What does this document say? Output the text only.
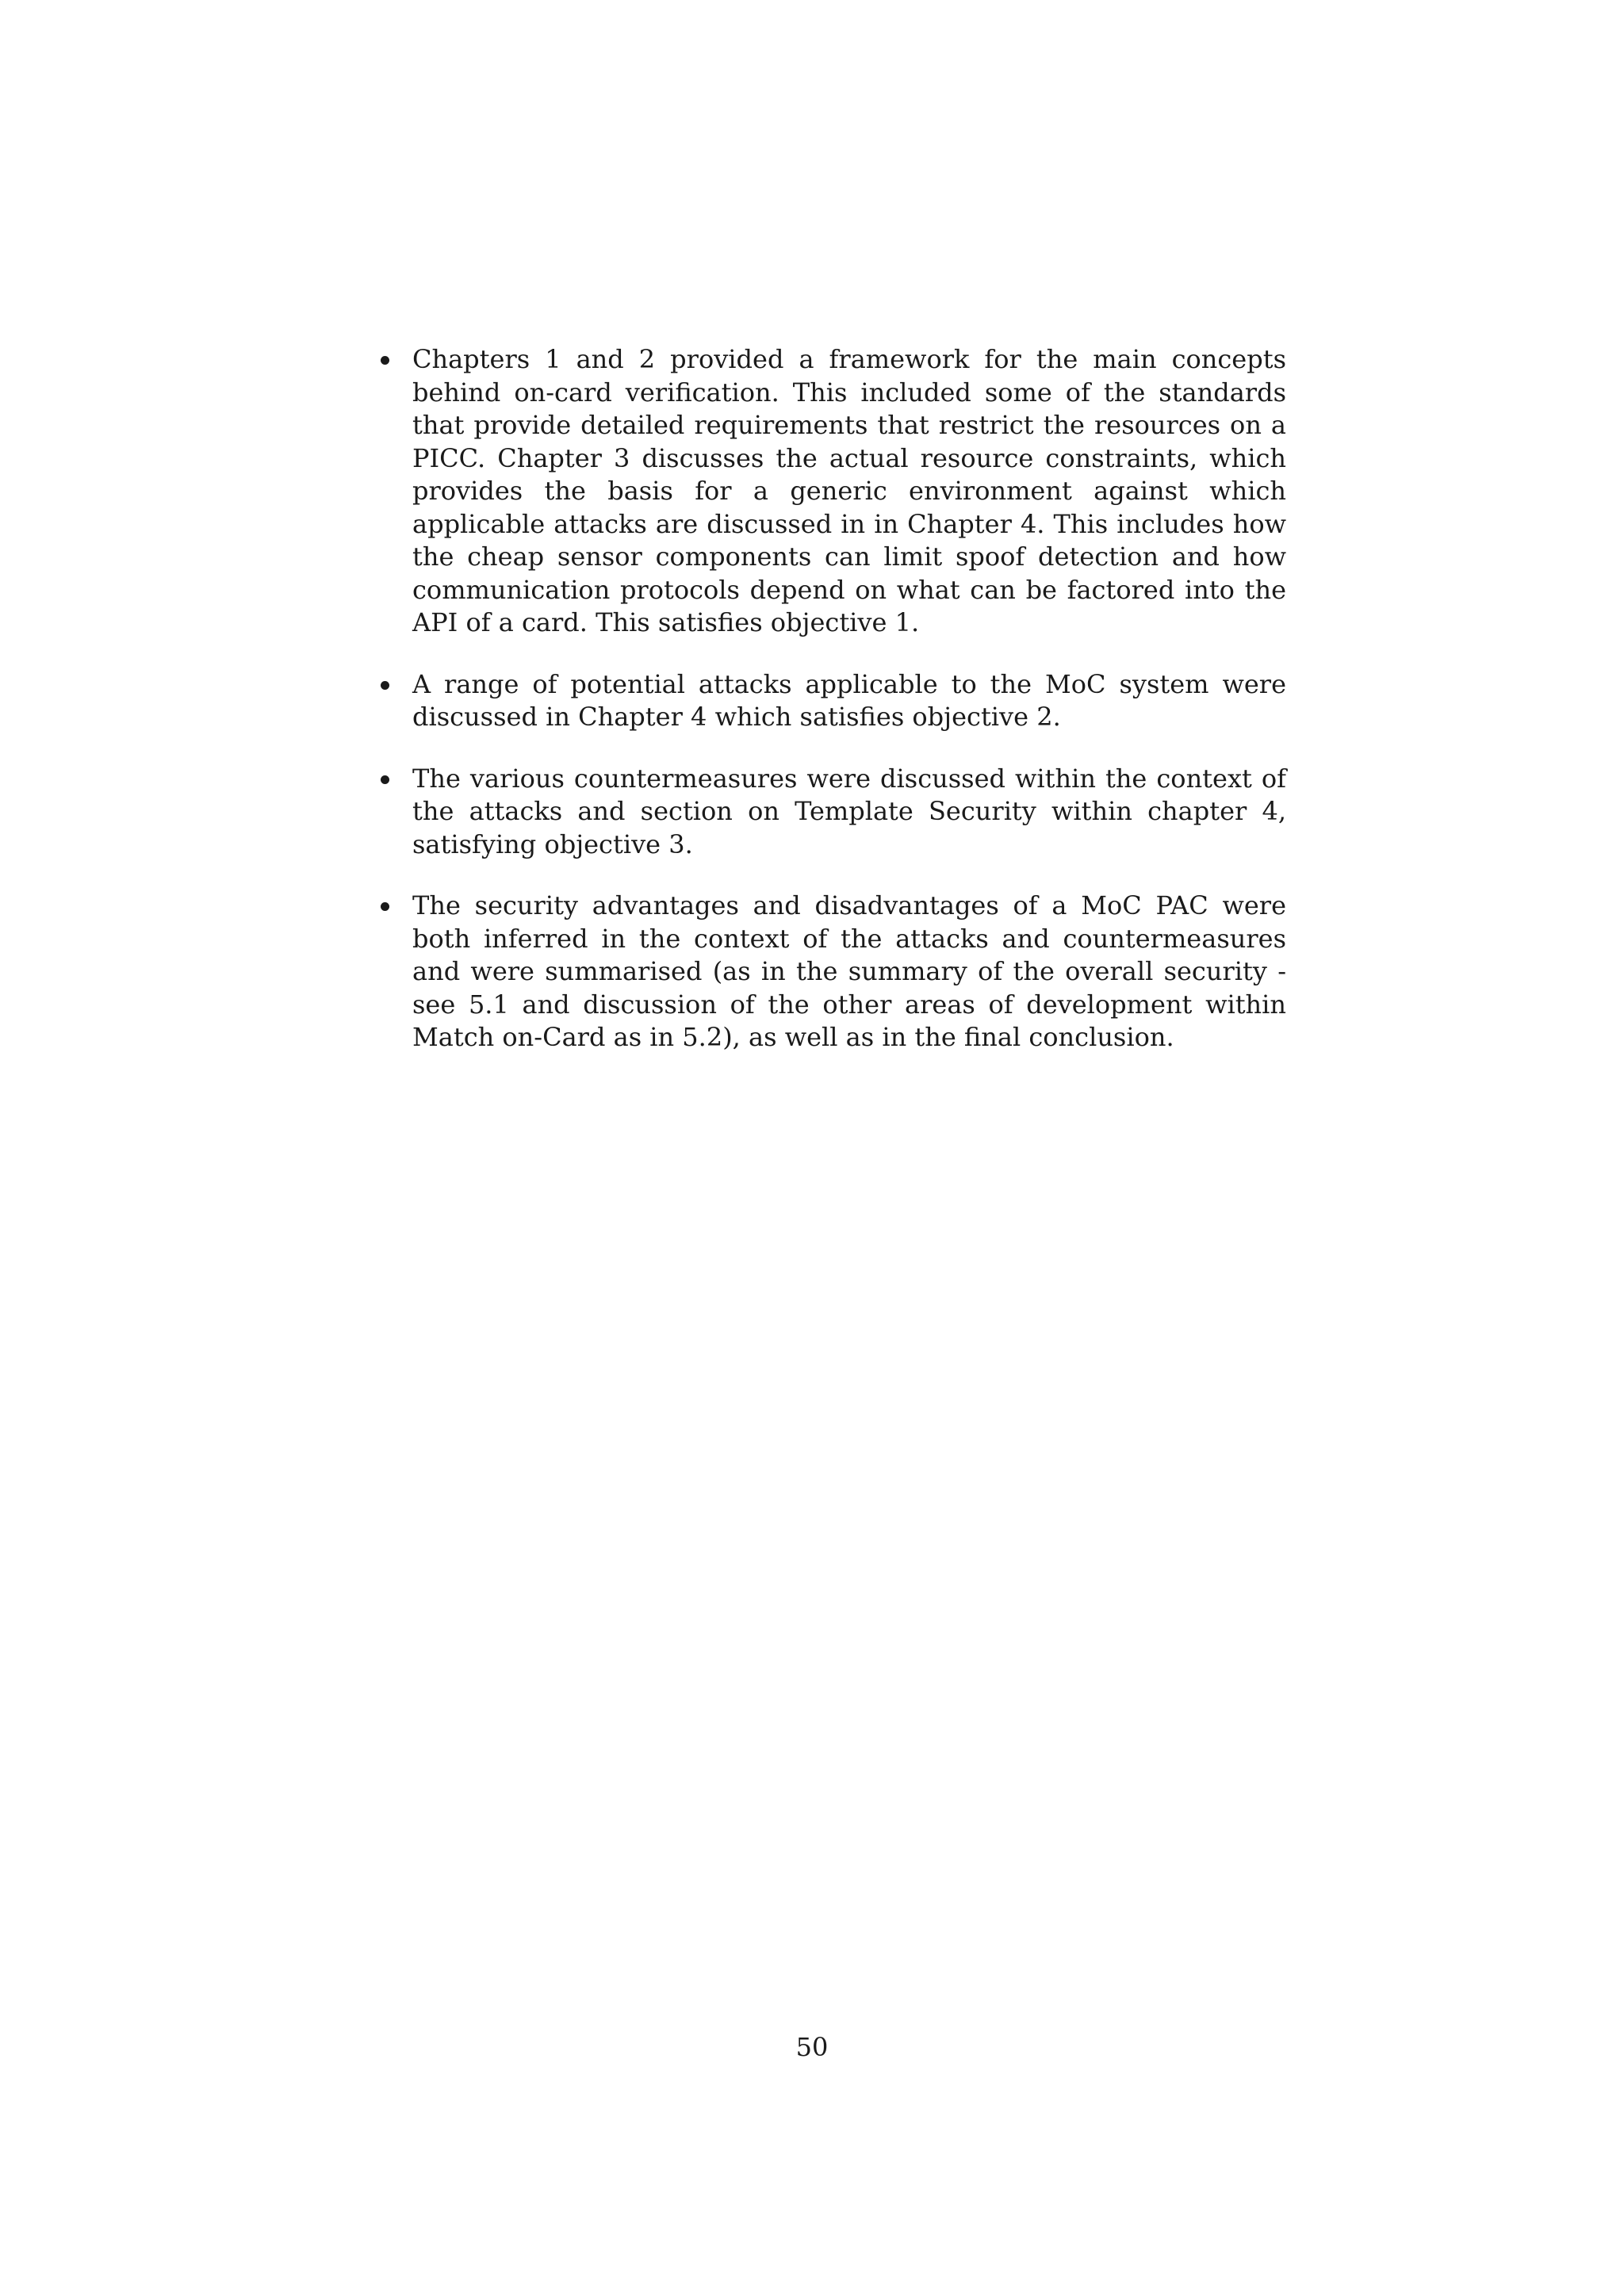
Chapters 1 and 2 provided a framework for the main concepts behind on-card verification. This included some of the standards that provide detailed requirements that restrict the resources on a PICC. Chapter 3 discusses the actual resource constraints, which provides the basis for a generic environment against which applicable attacks are discussed in in Chapter 4. This includes how the cheap sensor components can limit spoof detection and how communication protocols depend on what can be factored into the API of a card. This satisfies objective 1.
A range of potential attacks applicable to the MoC system were discussed in Chapter 4 which satisfies objective 2.
The various countermeasures were discussed within the context of the attacks and section on Template Security within chapter 4, satisfying objective 3.
The security advantages and disadvantages of a MoC PAC were both inferred in the context of the attacks and countermeasures and were summarised (as in the summary of the overall security - see 5.1 and discussion of the other areas of development within Match on-Card as in 5.2), as well as in the final conclusion.
50
